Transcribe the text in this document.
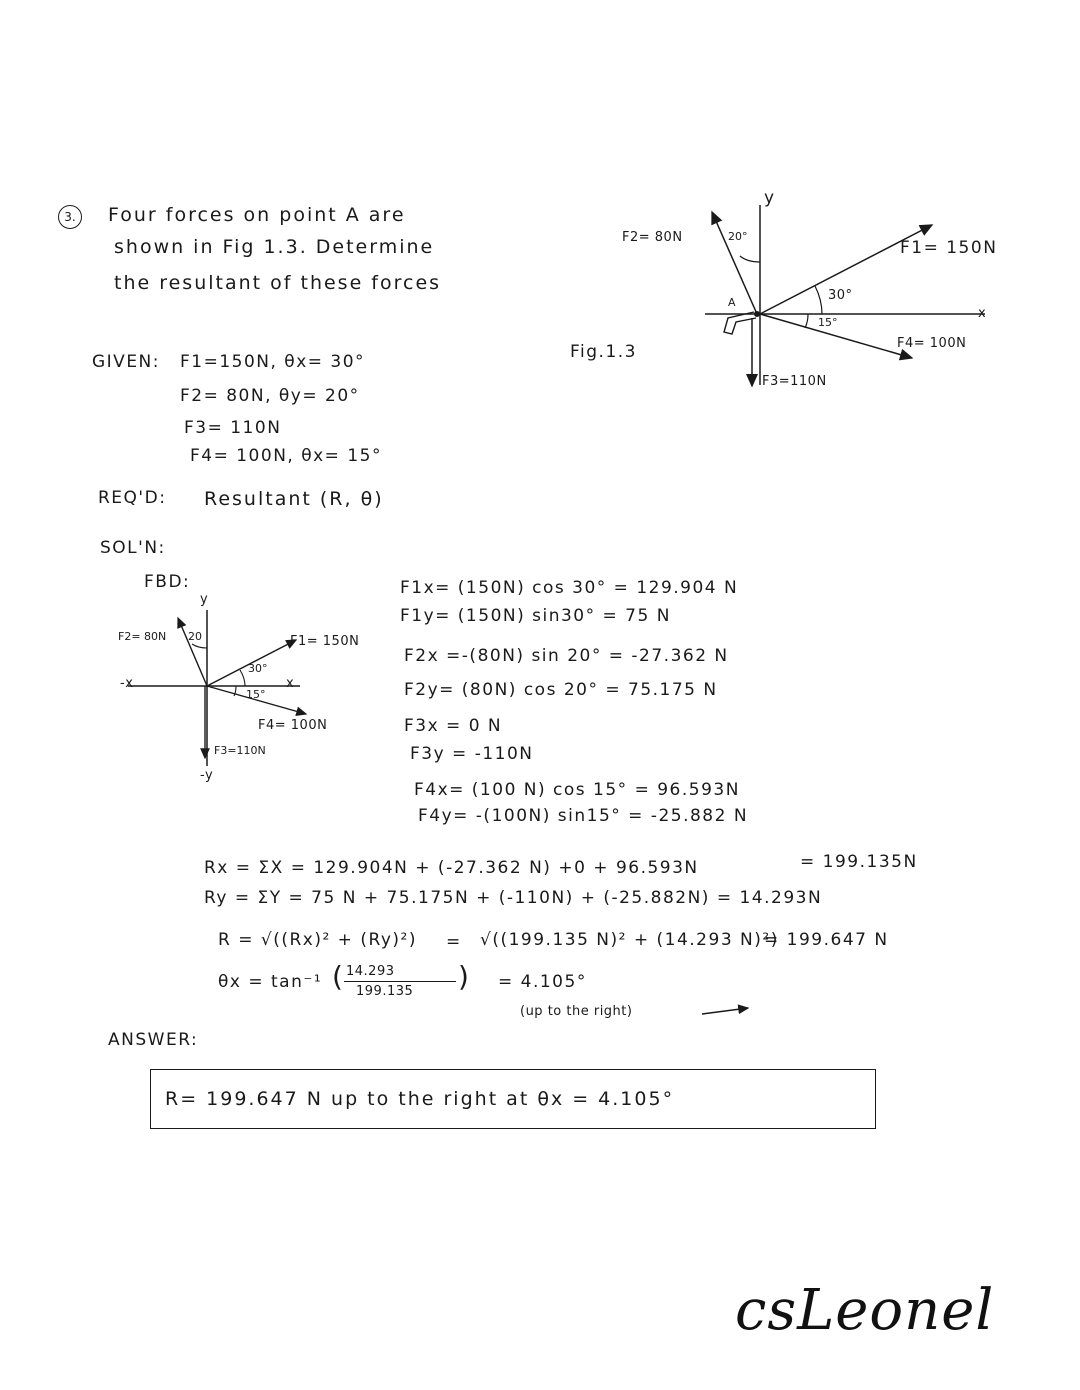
3.	Four forces on point A are
shown in Fig 1.3. Determine
the resultant of these forces
F2= 80N	20°
y
F1= 150N
30°
15°
x
A
F4= 100N
F3=110N
Fig.1.3
GIVEN: F1=150N, θx= 30°
F2= 80N, θy= 20°
F3= 110N
F4= 100N, θx= 15°
REQ'D: Resultant (R, θ)
SOL'N:
FBD:
y
F2= 80N 20	F1= 150N
30°
15°
x
-x
F4= 100N
F3=110N
-y
F1x= (150N) cos 30° = 129.904 N
F1y= (150N) sin30° = 75 N
F2x =-(80N) sin 20° = -27.362 N
F2y= (80N) cos 20° = 75.175 N
F3x = 0 N
F3y = -110N
F4x= (100 N) cos 15° = 96.593N
F4y= -(100N) sin15° = -25.882 N
Rx = ΣX = 129.904N + (-27.362 N) +0 + 96.593N	= 199.135N
Ry = ΣY = 75 N + 75.175N + (-110N) + (-25.882N) = 14.293N
R = √((Rx)² + (Ry)²) = √((199.135 N)² + (14.293 N)²)
= 199.647 N
θx = tan⁻¹ ( 14.293
199.135 ) = 4.105°
(up to the right)
ANSWER:
R= 199.647 N up to the right at θx = 4.105°
csLeonel
